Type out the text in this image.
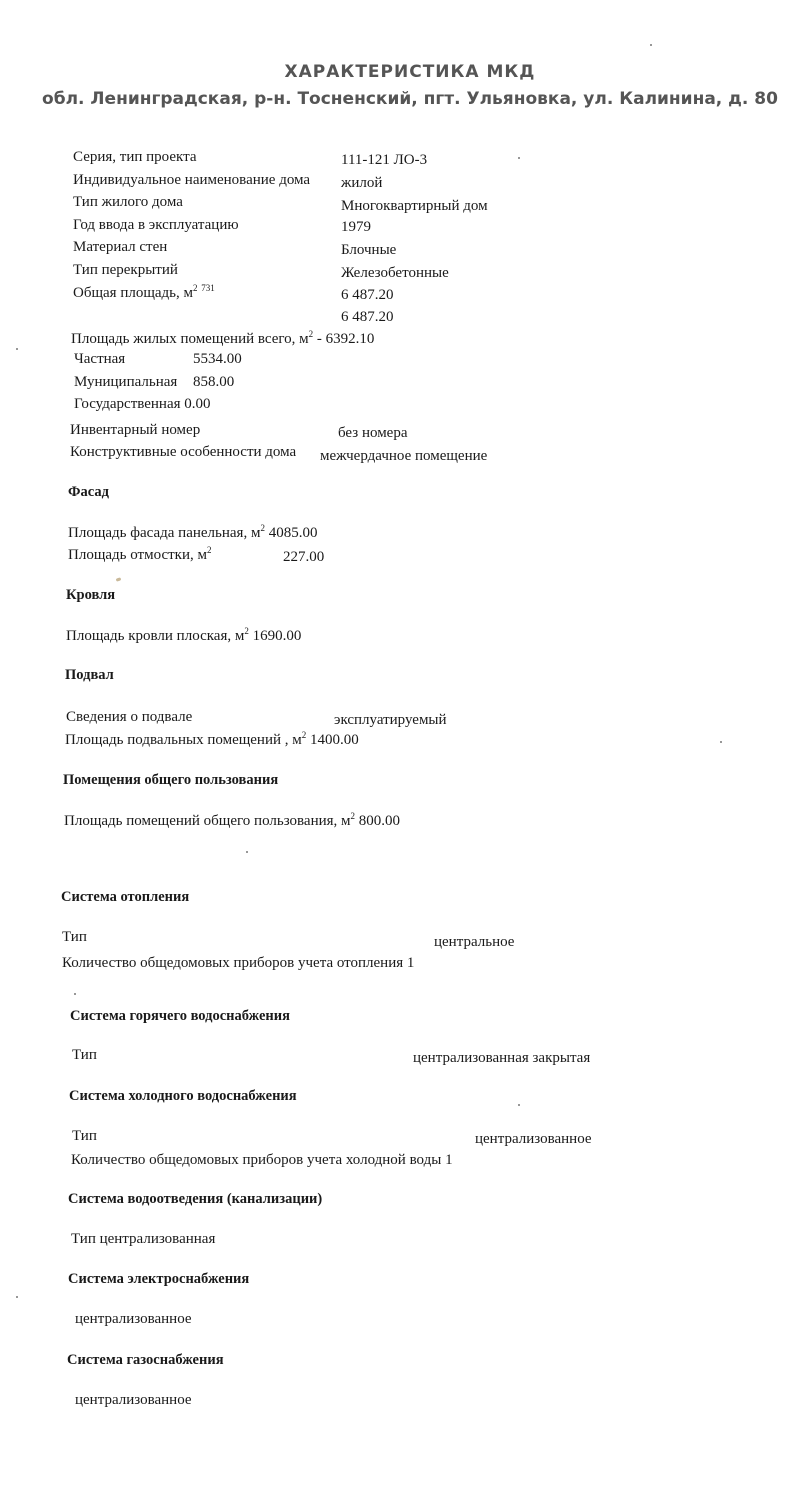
ХАРАКТЕРИСТИКА МКД
обл. Ленинградская, р-н. Тосненский, пгт. Ульяновка, ул. Калинина, д. 80
Серия, тип проекта	111-121 ЛО-3
Индивидуальное наименование дома жилой
Тип жилого дома	Многоквартирный дом
Год ввода в эксплуатацию	1979
Материал стен	Блочные
Тип перекрытий	Железобетонные
Общая площадь, $м^2$ $^{731}$	6 487.20
6 487.20
Площадь жилых помещений всего, $м^2 - 6392.10$
Частная	5534.00
Муниципальная 858.00
Государственная 0.00
Инвентарный номер	без номера
Конструктивные особенности дома межчердачное помещение
Фасад
Площадь фасада панельная, $м^2$ 4085.00
Площадь отмостки, $м^2$	227.00
Кровля
Площадь кровли плоская, $м^2$ 1690.00
Подвал
Сведения о подвале	эксплуатируемый
Площадь подвальных помещений , $м^2$ 1400.00
Помещения общего пользования
Площадь помещений общего пользования, $м^2$ 800.00
Система отопления
Тип	центральное
Количество общедомовых приборов учета отопления 1
Система горячего водоснабжения
Тип	централизованная закрытая
Система холодного водоснабжения
Тип	централизованное
Количество общедомовых приборов учета холодной воды 1
Система водоотведения (канализации)
Тип централизованная
Система электроснабжения
централизованное
Система газоснабжения
централизованное
